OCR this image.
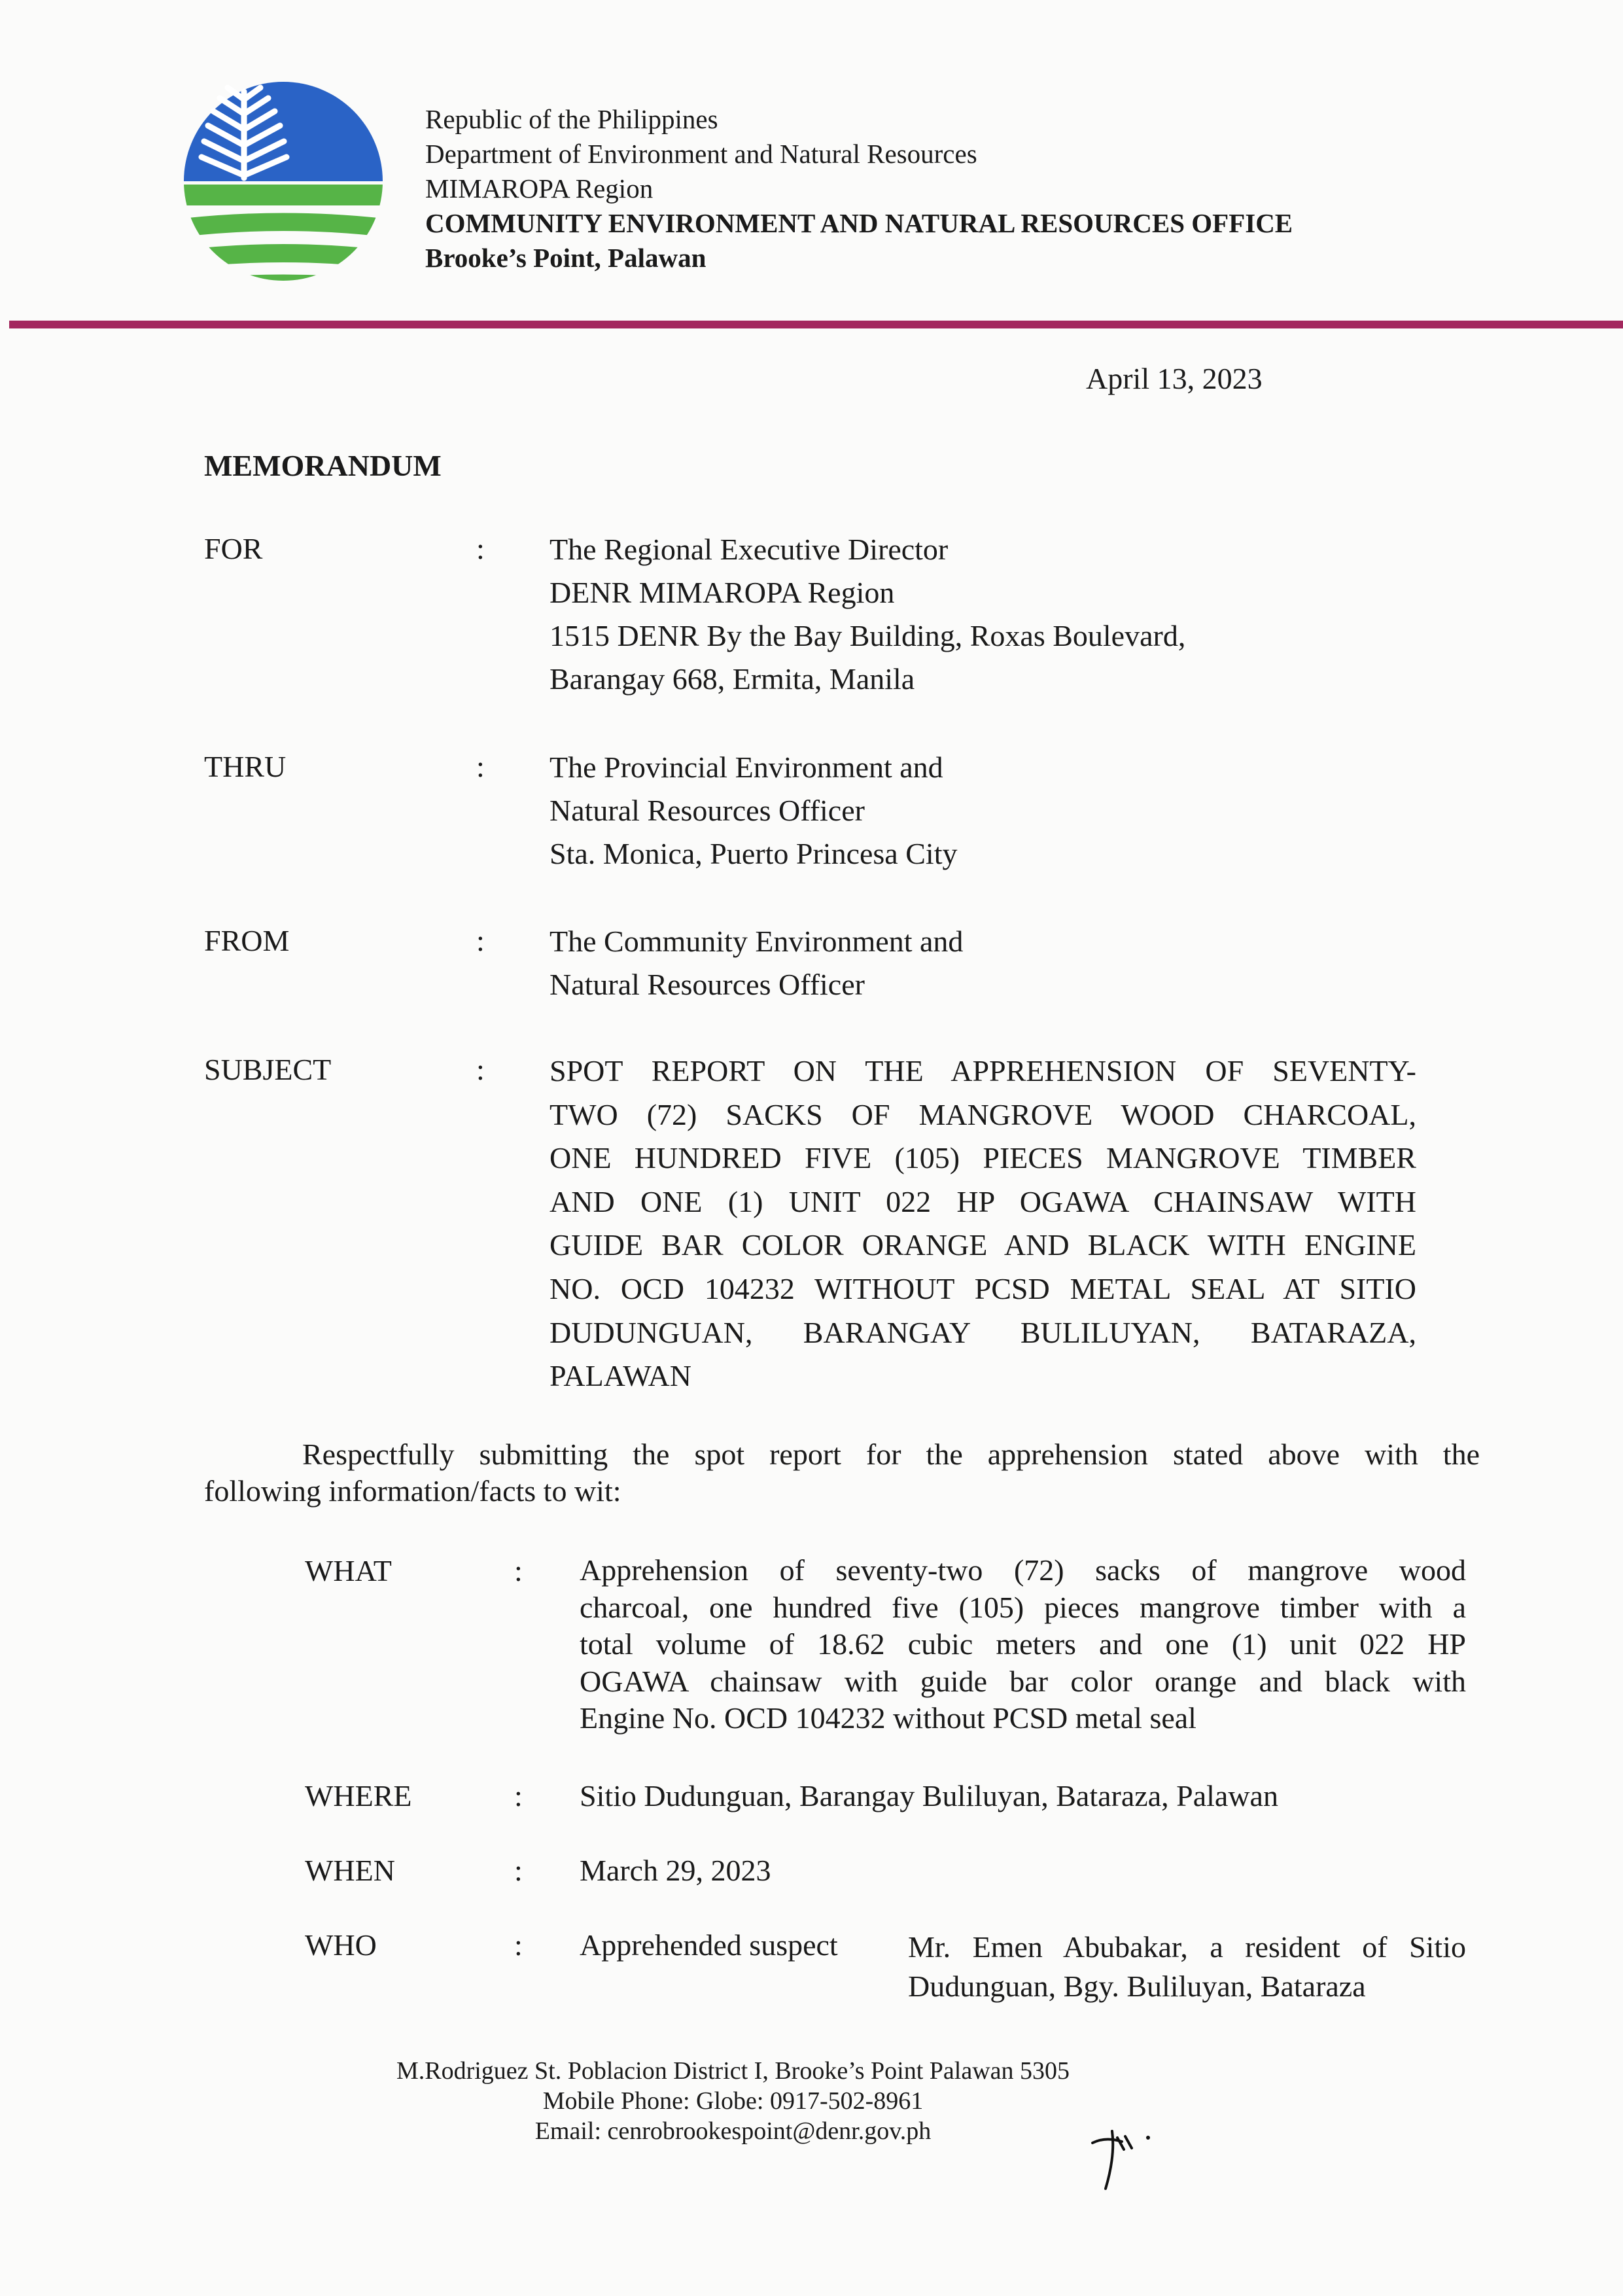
Republic of the Philippines
Department of Environment and Natural Resources
MIMAROPA Region
COMMUNITY ENVIRONMENT AND NATURAL RESOURCES OFFICE
Brooke’s Point, Palawan
April 13, 2023
MEMORANDUM
FOR	: The Regional Executive Director
DENR MIMAROPA Region
1515 DENR By the Bay Building, Roxas Boulevard,
Barangay 668, Ermita, Manila
THRU	: The Provincial Environment and
Natural Resources Officer
Sta. Monica, Puerto Princesa City
FROM	: The Community Environment and
Natural Resources Officer
SUBJECT	: SPOT REPORT ON THE APPREHENSION OF SEVENTY-
TWO (72) SACKS OF MANGROVE WOOD CHARCOAL,
ONE HUNDRED FIVE (105) PIECES MANGROVE TIMBER
AND ONE (1) UNIT 022 HP OGAWA CHAINSAW WITH
GUIDE BAR COLOR ORANGE AND BLACK WITH ENGINE
NO. OCD 104232 WITHOUT PCSD METAL SEAL AT SITIO
DUDUNGUAN, BARANGAY BULILUYAN, BATARAZA,
PALAWAN
Respectfully submitting the spot report for the apprehension stated above with the
following information/facts to wit:
WHAT	: Apprehension of seventy-two (72) sacks of mangrove wood
charcoal, one hundred five (105) pieces mangrove timber with a
total volume of 18.62 cubic meters and one (1) unit 022 HP
OGAWA chainsaw with guide bar color orange and black with
Engine No. OCD 104232 without PCSD metal seal
WHERE	: Sitio Dudunguan, Barangay Buliluyan, Bataraza, Palawan
WHEN	: March 29, 2023
WHO	: Apprehended suspect Mr. Emen Abubakar, a resident of Sitio
Dudunguan, Bgy. Buliluyan, Bataraza
M.Rodriguez St. Poblacion District I, Brooke’s Point Palawan 5305
Mobile Phone: Globe: 0917-502-8961
Email: cenrobrookespoint@denr.gov.ph
